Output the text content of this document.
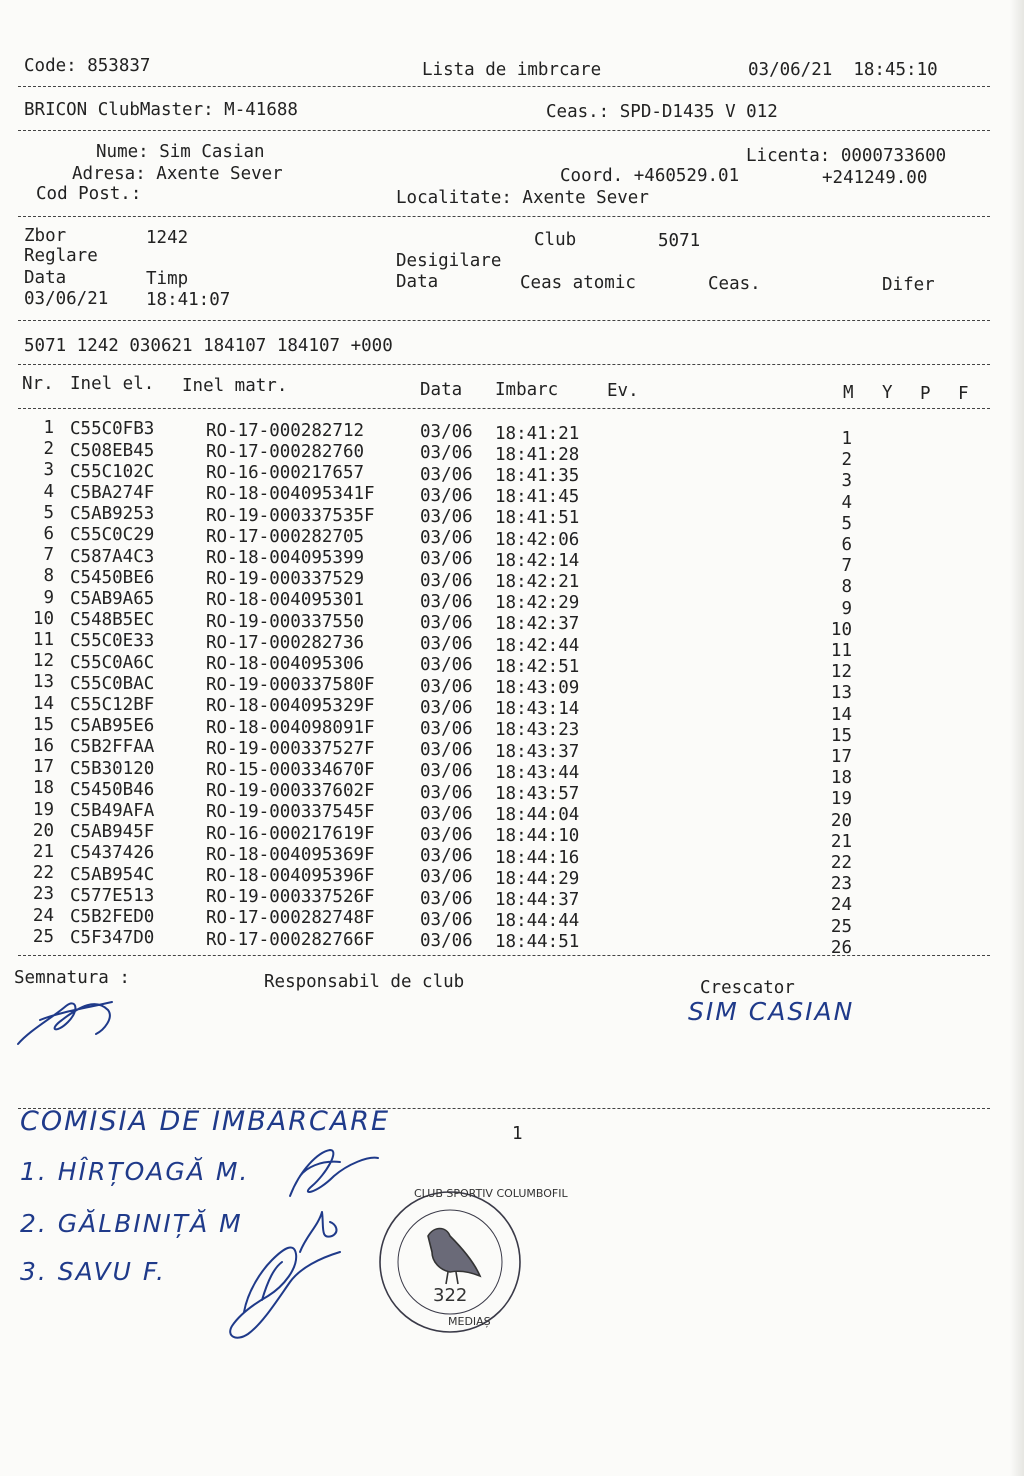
Code: 853837	Lista de imbrcare	03/06/21  18:45:10
BRICON ClubMaster: M-41688	Ceas.: SPD-D1435 V 012
Nume: Sim Casian	Licenta: 0000733600
Adresa: Axente Sever	Coord. +460529.01	+241249.00
Cod Post.:	Localitate: Axente Sever
Zbor	1242	Club	5071
Reglare	Desigilare
Data	Timp	Data	Ceas atomic	Ceas.	Difer
03/06/21 18:41:07
5071 1242 030621 184107 184107 +000
Nr. Inel el. Inel matr.	Data Imbarc	Ev.	M Y P F
1 C55C0FB3	RO-17-000282712	03/06 18:41:21	1
2 C508EB45	RO-17-000282760	03/06 18:41:28	2
3 C55C102C	RO-16-000217657	03/06 18:41:35	3
4 C5BA274F	RO-18-004095341F	03/06 18:41:45	4
5 C5AB9253	RO-19-000337535F	03/06 18:41:51	5
6 C55C0C29	RO-17-000282705	03/06 18:42:06	6
7 C587A4C3	RO-18-004095399	03/06 18:42:14	7
8 C5450BE6	RO-19-000337529	03/06 18:42:21	8
9 C5AB9A65	RO-18-004095301	03/06 18:42:29	9
10 C548B5EC	RO-19-000337550	03/06 18:42:37	10
11 C55C0E33	RO-17-000282736	03/06 18:42:44	11
12 C55C0A6C	RO-18-004095306	03/06 18:42:51	12
13 C55C0BAC	RO-19-000337580F	03/06 18:43:09	13
14 C55C12BF	RO-18-004095329F	03/06 18:43:14	14
15 C5AB95E6	RO-18-004098091F	03/06 18:43:23	15
16 C5B2FFAA	RO-19-000337527F	03/06 18:43:37	17
17 C5B30120	RO-15-000334670F	03/06 18:43:44	18
18 C5450B46	RO-19-000337602F	03/06 18:43:57	19
19 C5B49AFA	RO-19-000337545F	03/06 18:44:04	20
20 C5AB945F	RO-16-000217619F	03/06 18:44:10	21
21 C5437426	RO-18-004095369F	03/06 18:44:16	22
22 C5AB954C	RO-18-004095396F	03/06 18:44:29	23
23 C577E513	RO-19-000337526F	03/06 18:44:37	24
24 C5B2FED0	RO-17-000282748F	03/06 18:44:44	25
25 C5F347D0	RO-17-000282766F	03/06 18:44:51	26
Semnatura :	Responsabil de club	Crescator
SIM CASIAN
COMISIA DE IMBARCARE	1
1. HÎRȚOAGĂ M.
2. GĂLBINIȚĂ M
3. SAVU F.
CLUB SPORTIV COLUMBOFIL
322
MEDIAȘ
